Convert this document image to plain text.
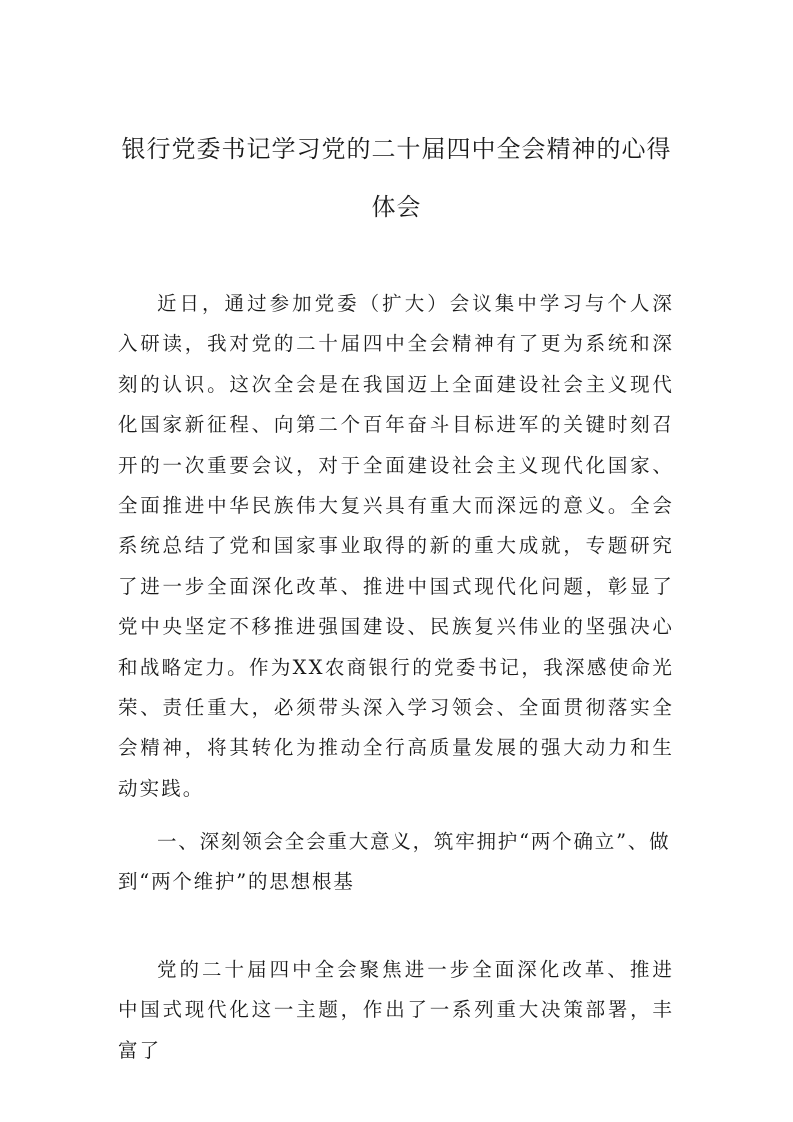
银行党委书记学习党的二十届四中全会精神的心得
体会

近日，通过参加党委（扩大）会议集中学习与个人深入研读，我对党的二十届四中全会精神有了更为系统和深刻的认识。这次全会是在我国迈上全面建设社会主义现代化国家新征程、向第二个百年奋斗目标进军的关键时刻召开的一次重要会议，对于全面建设社会主义现代化国家、全面推进中华民族伟大复兴具有重大而深远的意义。全会系统总结了党和国家事业取得的新的重大成就，专题研究了进一步全面深化改革、推进中国式现代化问题，彰显了党中央坚定不移推进强国建设、民族复兴伟业的坚强决心和战略定力。作为XX农商银行的党委书记，我深感使命光荣、责任重大，必须带头深入学习领会、全面贯彻落实全会精神，将其转化为推动全行高质量发展的强大动力和生动实践。

一、深刻领会全会重大意义，筑牢拥护“两个确立”、做到“两个维护”的思想根基

党的二十届四中全会聚焦进一步全面深化改革、推进中国式现代化这一主题，作出了一系列重大决策部署，丰富了
